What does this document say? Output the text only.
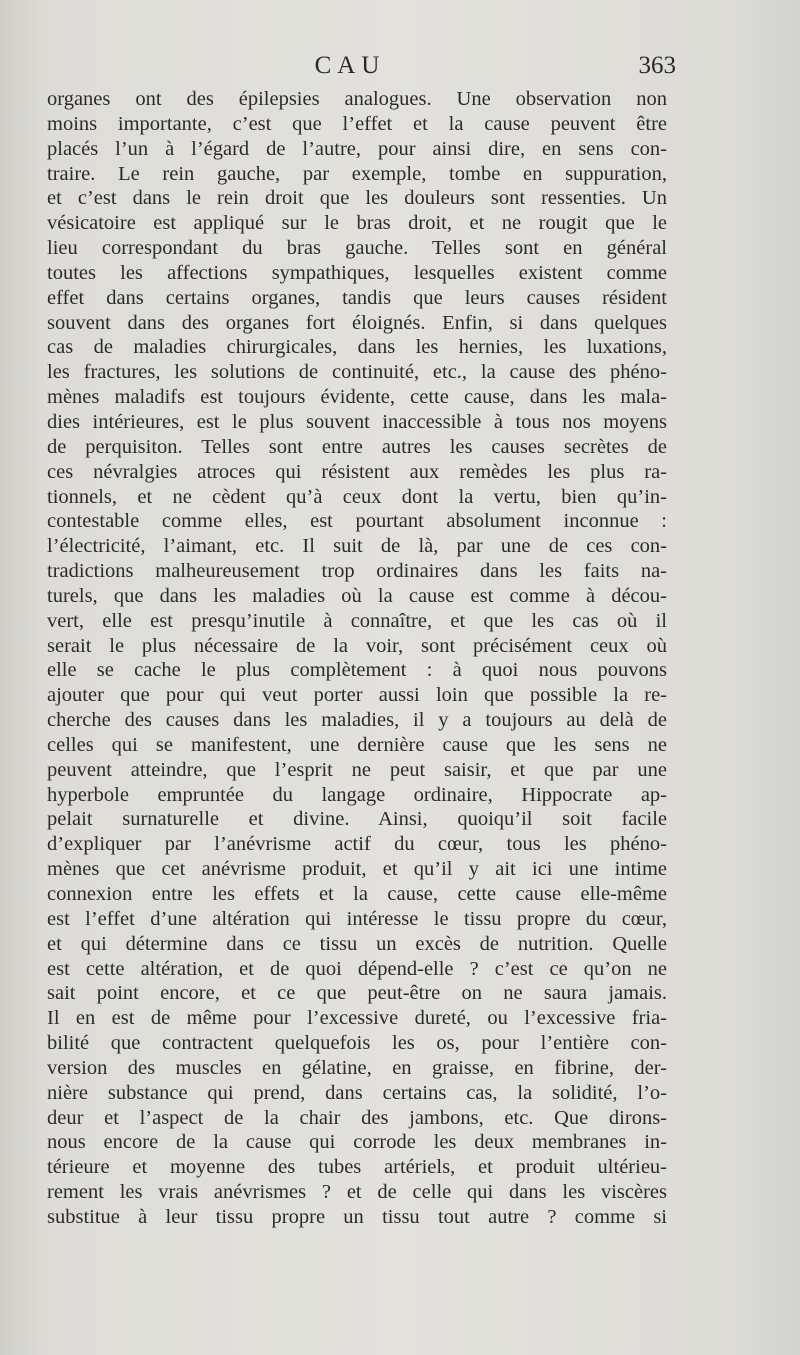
CAU	363
organes ont des épilepsies analogues. Une observation non
moins importante, c’est que l’effet et la cause peuvent être
placés l’un à l’égard de l’autre, pour ainsi dire, en sens con-
traire. Le rein gauche, par exemple, tombe en suppuration,
et c’est dans le rein droit que les douleurs sont ressenties. Un
vésicatoire est appliqué sur le bras droit, et ne rougit que le
lieu correspondant du bras gauche. Telles sont en général
toutes les affections sympathiques, lesquelles existent comme
effet dans certains organes, tandis que leurs causes résident
souvent dans des organes fort éloignés. Enfin, si dans quelques
cas de maladies chirurgicales, dans les hernies, les luxations,
les fractures, les solutions de continuité, etc., la cause des phéno-
mènes maladifs est toujours évidente, cette cause, dans les mala-
dies intérieures, est le plus souvent inaccessible à tous nos moyens
de perquisiton. Telles sont entre autres les causes secrètes de
ces névralgies atroces qui résistent aux remèdes les plus ra-
tionnels, et ne cèdent qu’à ceux dont la vertu, bien qu’in-
contestable comme elles, est pourtant absolument inconnue :
l’électricité, l’aimant, etc. Il suit de là, par une de ces con-
tradictions malheureusement trop ordinaires dans les faits na-
turels, que dans les maladies où la cause est comme à décou-
vert, elle est presqu’inutile à connaître, et que les cas où il
serait le plus nécessaire de la voir, sont précisément ceux où
elle se cache le plus complètement : à quoi nous pouvons
ajouter que pour qui veut porter aussi loin que possible la re-
cherche des causes dans les maladies, il y a toujours au delà de
celles qui se manifestent, une dernière cause que les sens ne
peuvent atteindre, que l’esprit ne peut saisir, et que par une
hyperbole empruntée du langage ordinaire, Hippocrate ap-
pelait surnaturelle et divine. Ainsi, quoiqu’il soit facile
d’expliquer par l’anévrisme actif du cœur, tous les phéno-
mènes que cet anévrisme produit, et qu’il y ait ici une intime
connexion entre les effets et la cause, cette cause elle-même
est l’effet d’une altération qui intéresse le tissu propre du cœur,
et qui détermine dans ce tissu un excès de nutrition. Quelle
est cette altération, et de quoi dépend-elle ? c’est ce qu’on ne
sait point encore, et ce que peut-être on ne saura jamais.
Il en est de même pour l’excessive dureté, ou l’excessive fria-
bilité que contractent quelquefois les os, pour l’entière con-
version des muscles en gélatine, en graisse, en fibrine, der-
nière substance qui prend, dans certains cas, la solidité, l’o-
deur et l’aspect de la chair des jambons, etc. Que dirons-
nous encore de la cause qui corrode les deux membranes in-
térieure et moyenne des tubes artériels, et produit ultérieu-
rement les vrais anévrismes ? et de celle qui dans les viscères
substitue à leur tissu propre un tissu tout autre ? comme si
